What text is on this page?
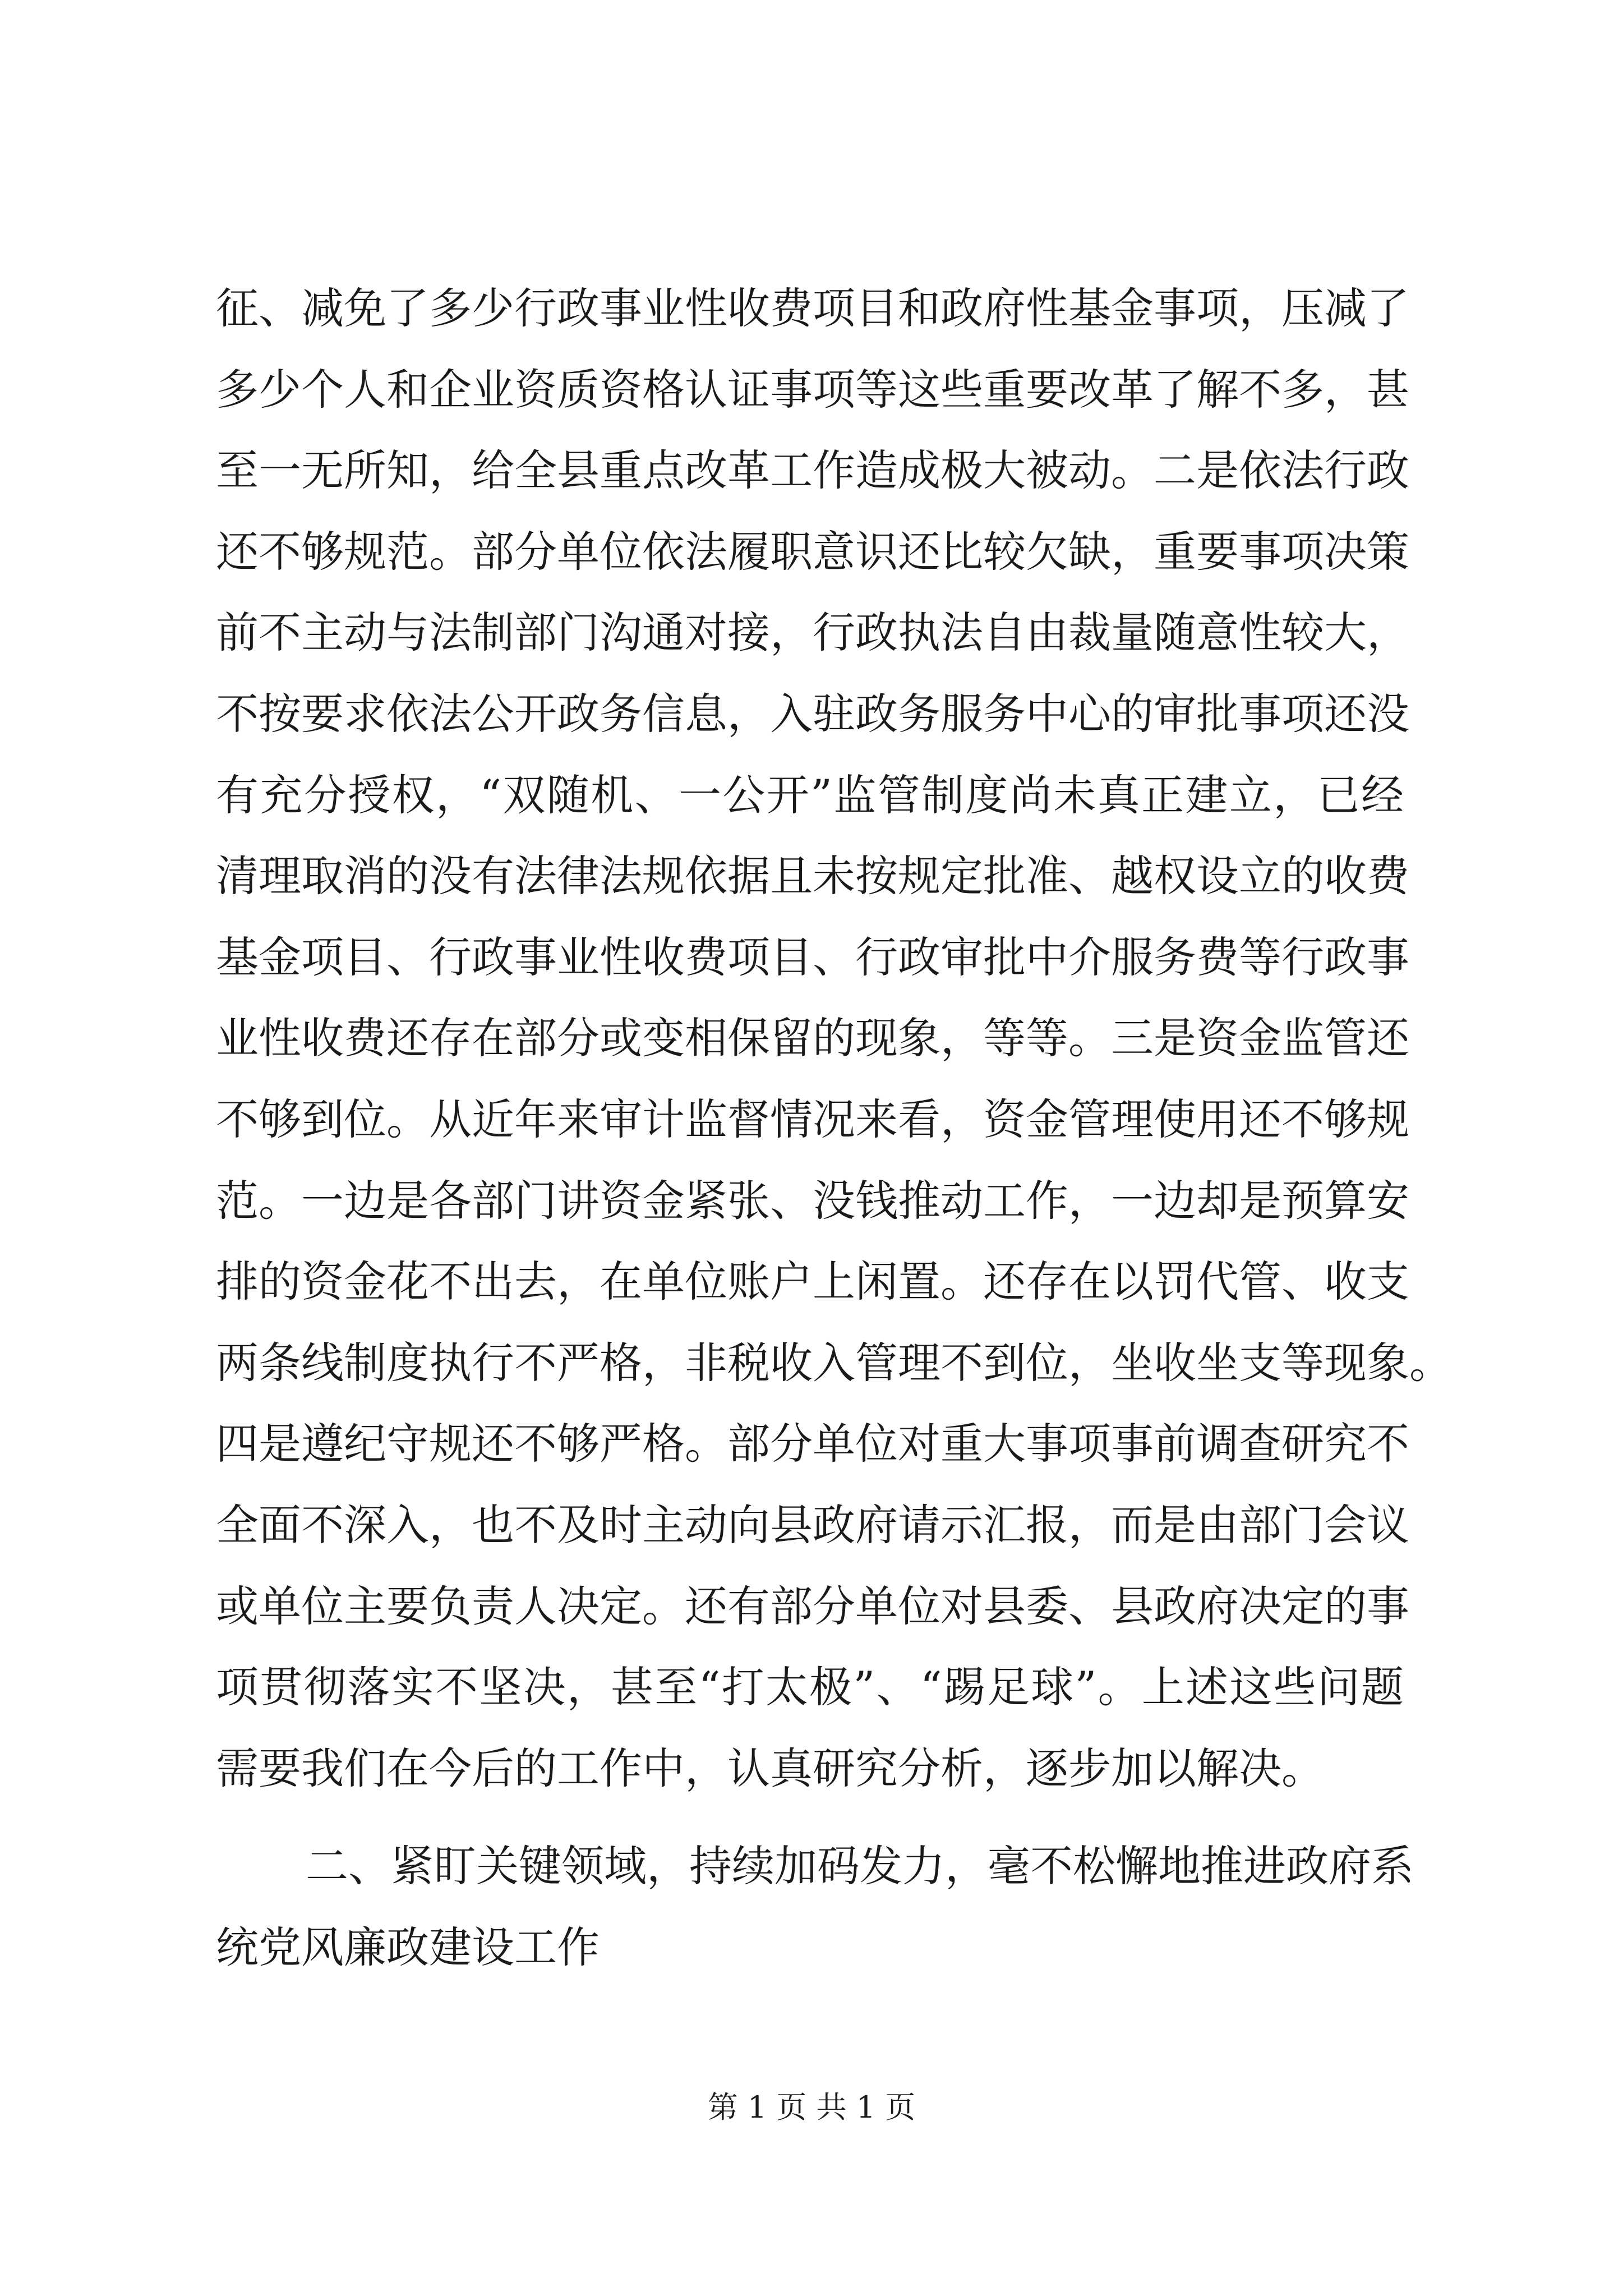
征、减免了多少行政事业性收费项目和政府性基金事项，压减了
多少个人和企业资质资格认证事项等这些重要改革了解不多，甚
至一无所知，给全县重点改革工作造成极大被动。二是依法行政
还不够规范。部分单位依法履职意识还比较欠缺，重要事项决策
前不主动与法制部门沟通对接，行政执法自由裁量随意性较大，
不按要求依法公开政务信息，入驻政务服务中心的审批事项还没
有充分授权，“双随机、一公开”监管制度尚未真正建立，已经
清理取消的没有法律法规依据且未按规定批准、越权设立的收费
基金项目、行政事业性收费项目、行政审批中介服务费等行政事
业性收费还存在部分或变相保留的现象，等等。三是资金监管还
不够到位。从近年来审计监督情况来看，资金管理使用还不够规
范。一边是各部门讲资金紧张、没钱推动工作，一边却是预算安
排的资金花不出去，在单位账户上闲置。还存在以罚代管、收支
两条线制度执行不严格，非税收入管理不到位，坐收坐支等现象。
四是遵纪守规还不够严格。部分单位对重大事项事前调查研究不
全面不深入，也不及时主动向县政府请示汇报，而是由部门会议
或单位主要负责人决定。还有部分单位对县委、县政府决定的事
项贯彻落实不坚决，甚至“打太极”、“踢足球”。上述这些问题
需要我们在今后的工作中，认真研究分析，逐步加以解决。
二、紧盯关键领域，持续加码发力，毫不松懈地推进政府系
统党风廉政建设工作
第 1 页 共 1 页
